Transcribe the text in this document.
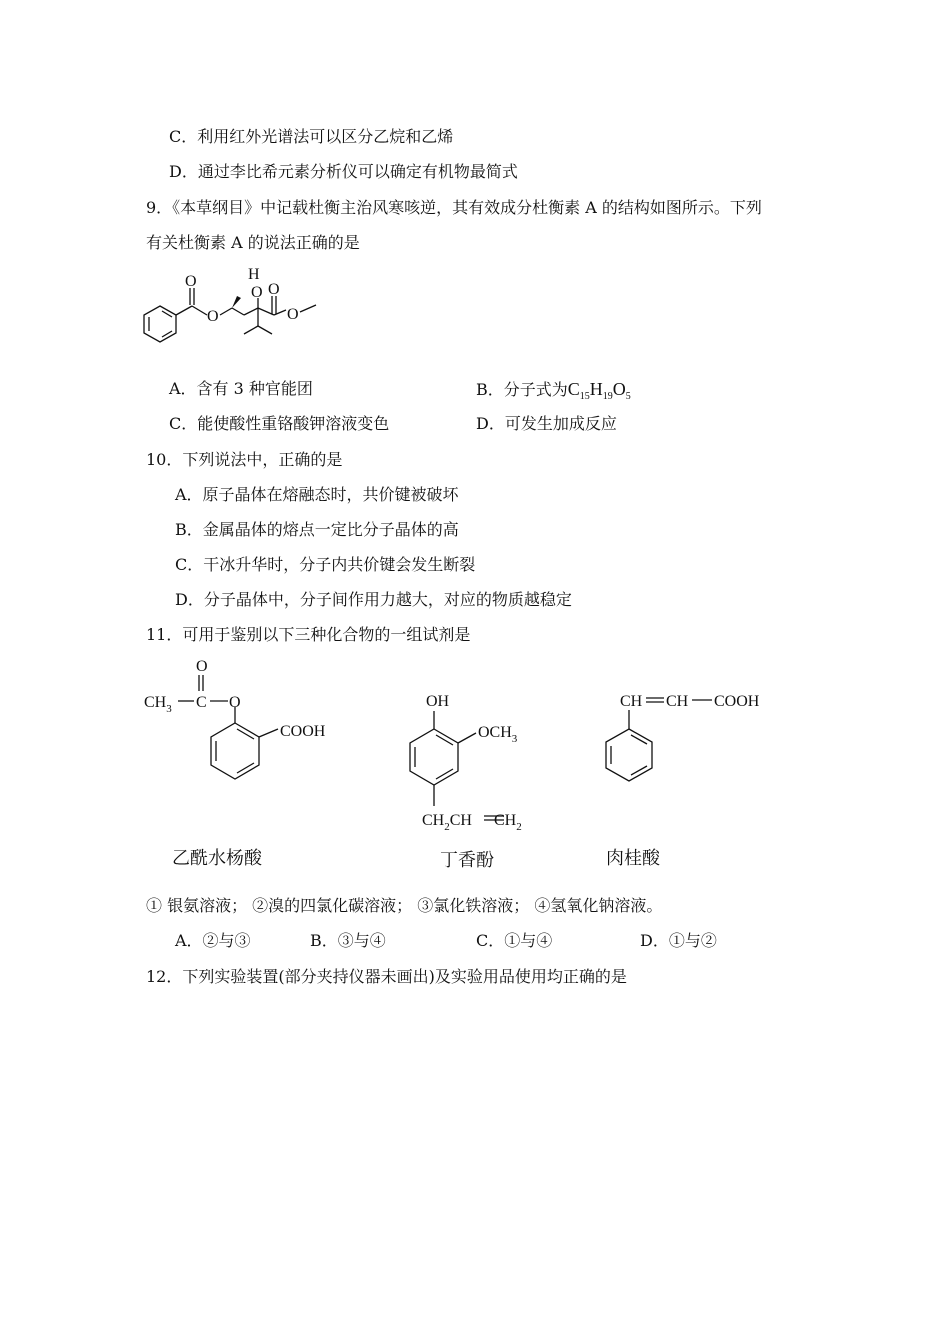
C．利用红外光谱法可以区分乙烷和乙烯
D．通过李比希元素分析仪可以确定有机物最简式
9．《本草纲目》中记载杜衡主治风寒咳逆，其有效成分杜衡素 A 的结构如图所示。下列
有关杜衡素 A 的说法正确的是
O
O
H
O O
O
A．含有 3 种官能团	B．分子式为$C_{15}H_{19}O_5$
C．能使酸性重铬酸钾溶液变色	D．可发生加成反应
10．下列说法中，正确的是
A．原子晶体在熔融态时，共价键被破坏
B．金属晶体的熔点一定比分子晶体的高
C．干冰升华时，分子内共价键会发生断裂
D．分子晶体中，分子间作用力越大，对应的物质越稳定
11．可用于鉴别以下三种化合物的一组试剂是
$CH_3$ C
O
O
COOH
乙酰水杨酸
OH
$OCH_3$
$CH_2CH$ $CH_2$
丁香酚
CH CH COOH
肉桂酸
① 银氨溶液； ②溴的四氯化碳溶液； ③氯化铁溶液； ④氢氧化钠溶液。
A．②与③	B．③与④	C．①与④	D．①与②
12．下列实验装置(部分夹持仪器未画出)及实验用品使用均正确的是
